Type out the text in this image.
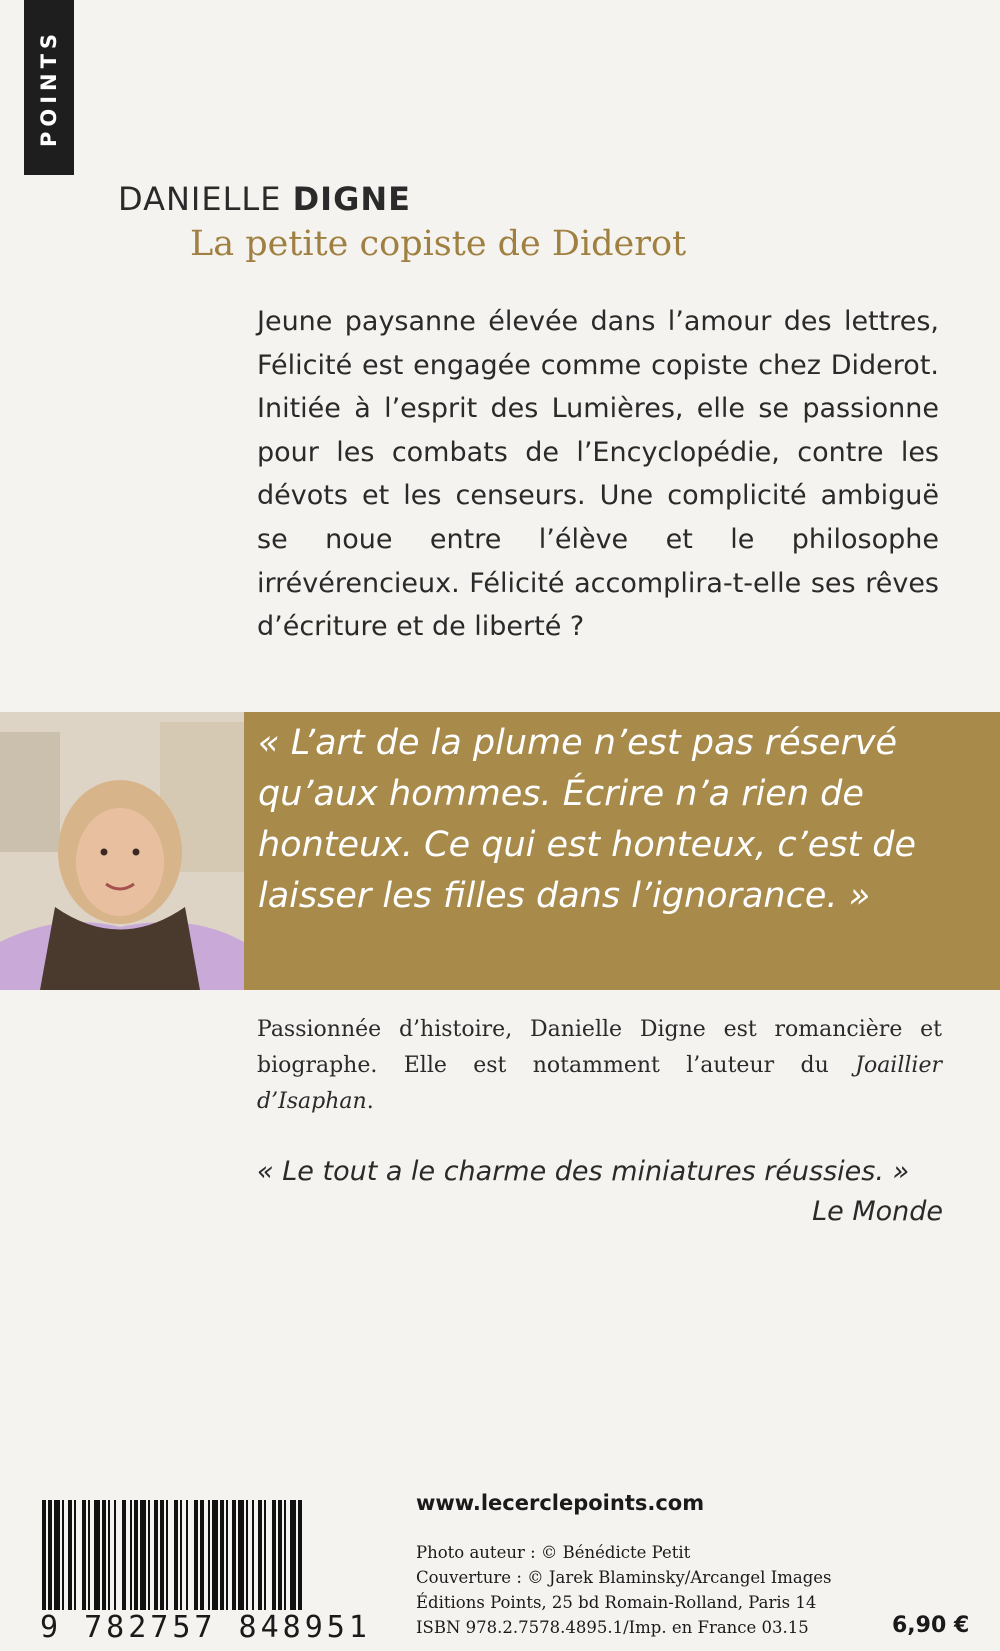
POINTS
DANIELLE DIGNE
La petite copiste de Diderot

Jeune paysanne élevée dans l’amour des lettres, Félicité est engagée comme copiste chez Diderot. Initiée à l’esprit des Lumières, elle se passionne pour les combats de l’Encyclopédie, contre les dévots et les censeurs. Une complicité ambiguë se noue entre l’élève et le philosophe irrévérencieux. Félicité accomplira-t-elle ses rêves d’écriture et de liberté ?

« L’art de la plume n’est pas réservé qu’aux hommes. Écrire n’a rien de honteux. Ce qui est honteux, c’est de laisser les filles dans l’ignorance. »

Passionnée d’histoire, Danielle Digne est romancière et biographe. Elle est notamment l’auteur du Joaillier d’Isaphan.

« Le tout a le charme des miniatures réussies. »

Le Monde
9 782757 848951
www.lecerclepoints.com
Photo auteur : © Bénédicte Petit
Couverture : © Jarek Blaminsky/Arcangel Images
Éditions Points, 25 bd Romain-Rolland, Paris 14
ISBN 978.2.7578.4895.1/Imp. en France 03.15	6,90 €
